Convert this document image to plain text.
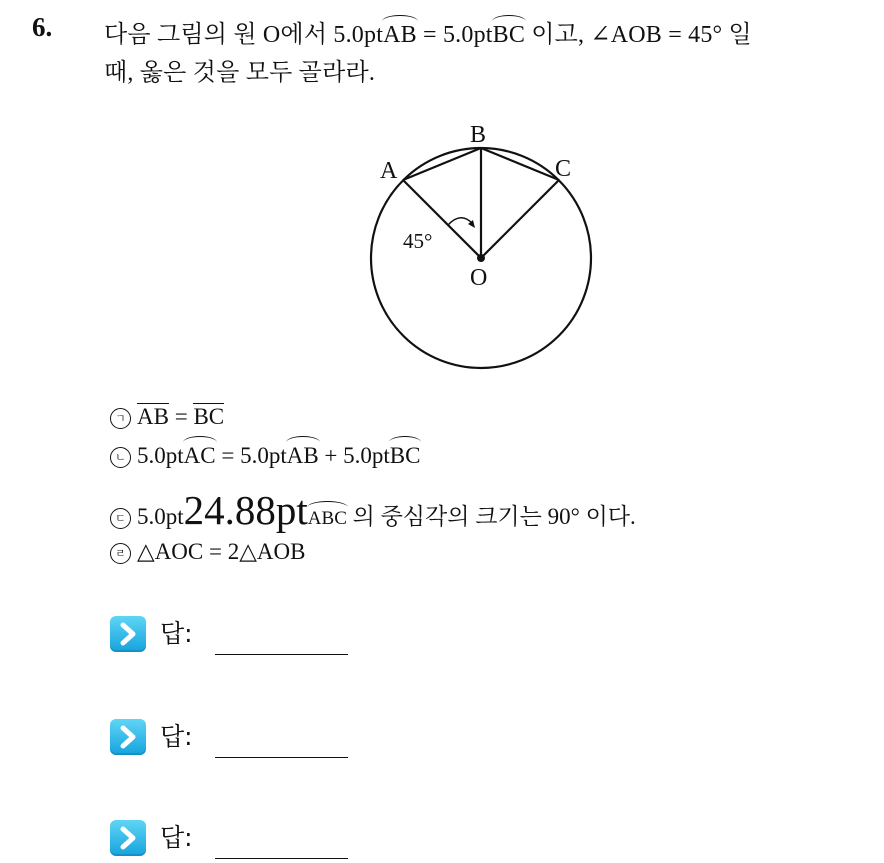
6. 다음 그림의 원 O에서 5.0ptAB = 5.0ptBC 이고, ∠AOB = 45° 일
때, 옳은 것을 모두 골라라.
A
B
C
O
45°
ㄱ AB = BC
ㄴ 5.0ptAC = 5.0ptAB + 5.0ptBC
ㄷ 5.0pt24.88ptABC 의 중심각의 크기는 90° 이다.
ㄹ △AOC = 2△AOB
답:
답:
답:
